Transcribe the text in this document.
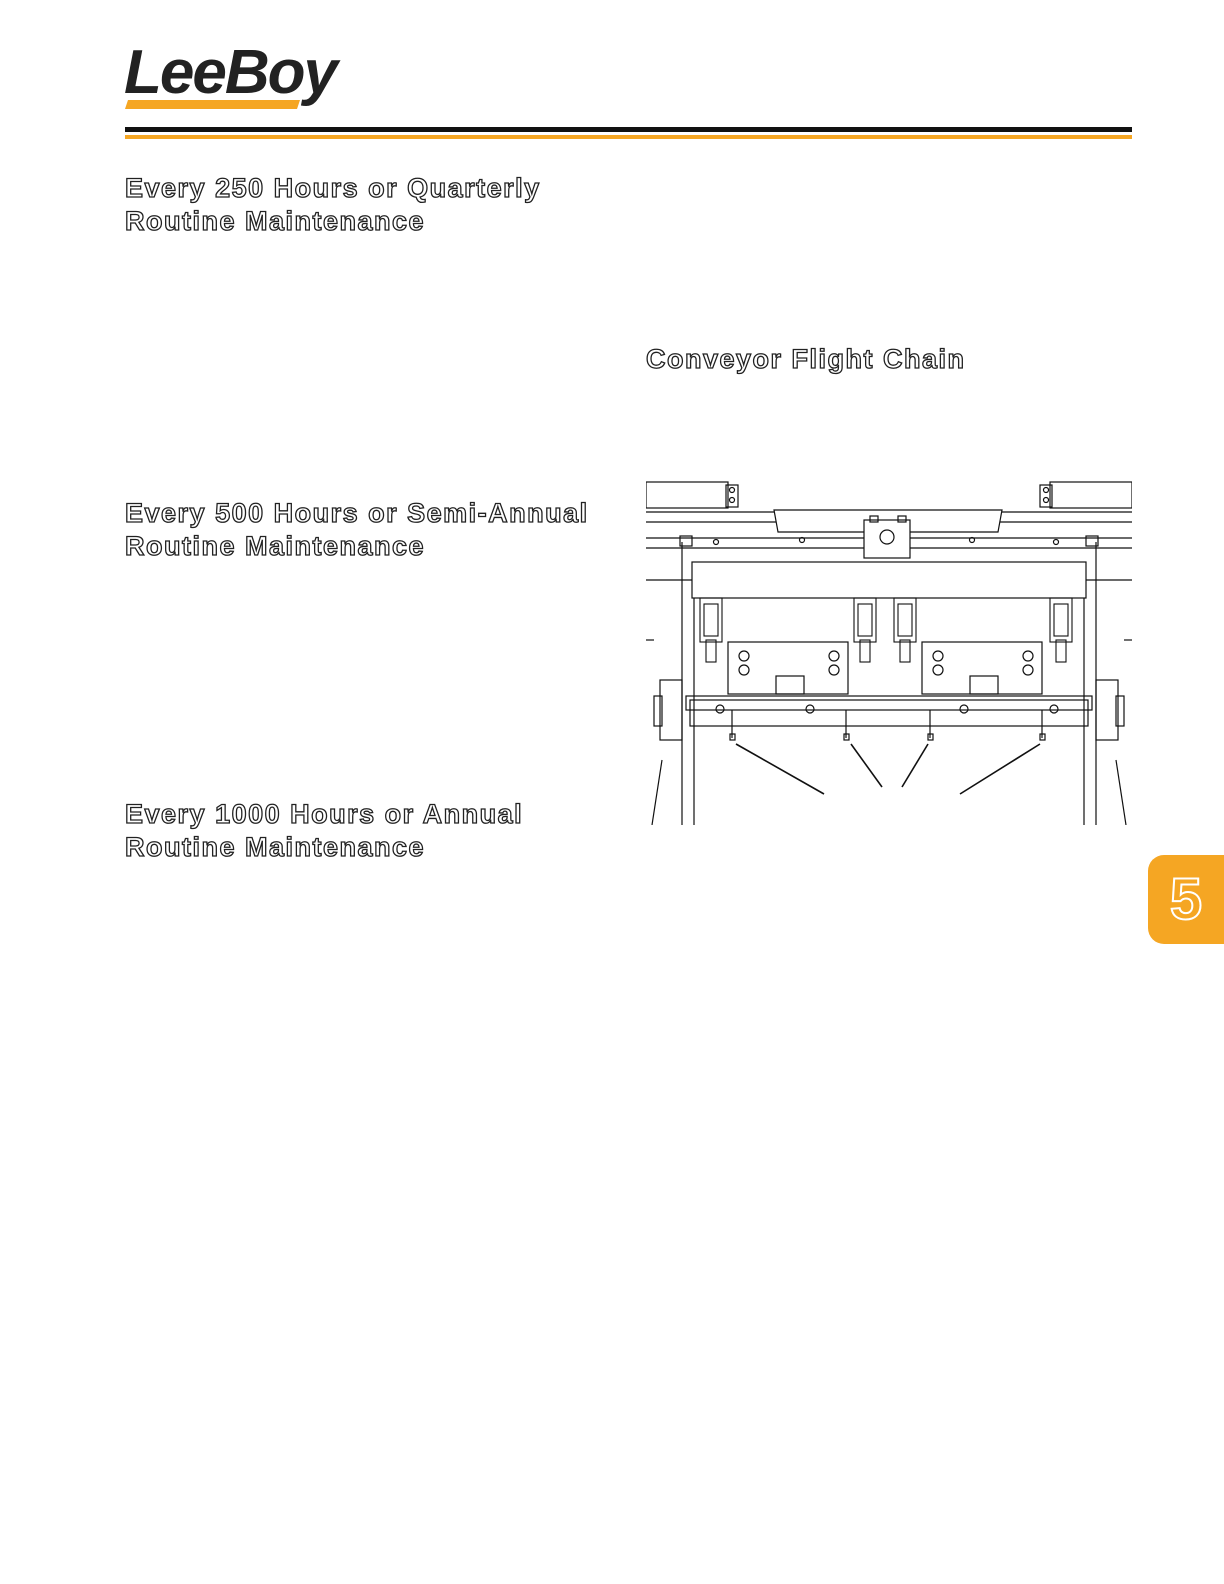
LeeBoy
Every 250 Hours or Quarterly
Routine Maintenance
Conveyor Flight Chain
Every 500 Hours or Semi-Annual
Routine Maintenance
Every 1000 Hours or Annual
Routine Maintenance
5
